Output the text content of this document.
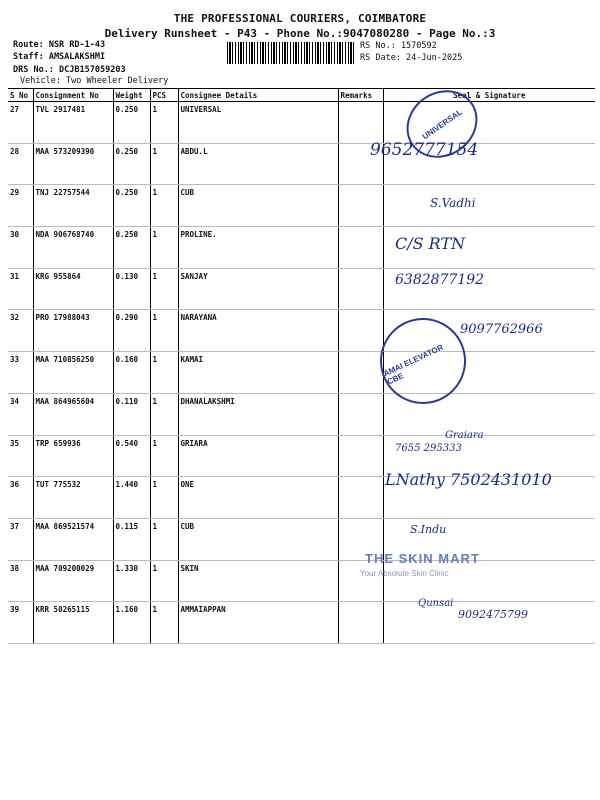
THE PROFESSIONAL COURIERS, COIMBATORE
Delivery Runsheet - P43 - Phone No.:9047080280 - Page No.:3
Route: NSR RD-1-43
Staff: AMSALAKSHMI
DRS No.: DCJB157059203
Vehicle: Two Wheeler Delivery
RS No.: 1570592
RS Date: 24-Jun-2025
S No	Consignment No	Weight	PCS	Consignee Details	Remarks	Seal & Signature
27	TVL 2917481	0.250	1	UNIVERSAL		
28	MAA 573209390	0.250	1	ABDU.L		
29	TNJ 22757544	0.250	1	CUB		
30	NDA 906768740	0.250	1	PROLINE.		
31	KRG 955864	0.130	1	SANJAY		
32	PRO 17988043	0.290	1	NARAYANA		
33	MAA 710856250	0.160	1	KAMAI		
34	MAA 864965604	0.110	1	DHANALAKSHMI		
35	TRP 659936	0.540	1	GRIARA		
36	TUT 775532	1.440	1	ONE		
37	MAA 869521574	0.115	1	CUB		
38	MAA 709200029	1.330	1	SKIN		
39	KRR 50265115	1.160	1	AMMAIAPPAN		
UNIVERSAL
AMAI ELEVATOR CBE
THE SKIN MART
Your Absolute Skin Clinic
9652777154
S.Vadhi
C/S RTN
6382877192
9097762966
Graiara
7655 295333
LNathy 7502431010
S.Indu
Qunsai
9092475799
